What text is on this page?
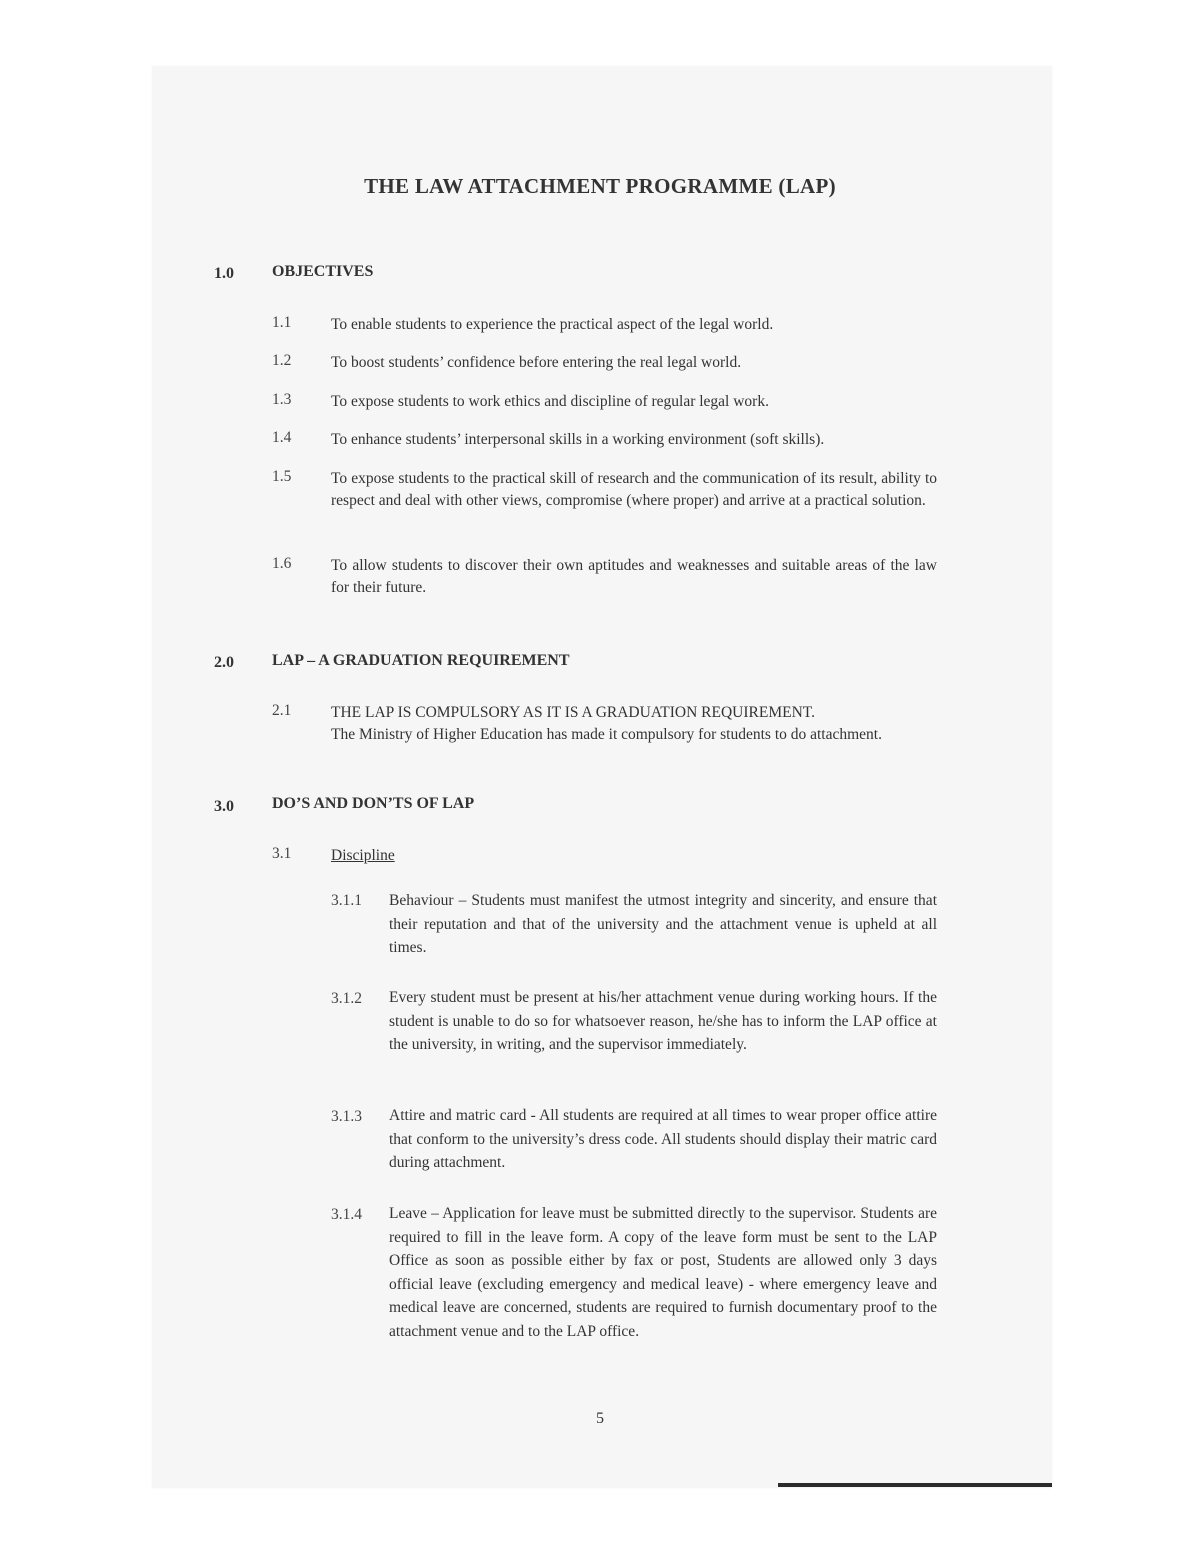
THE LAW ATTACHMENT PROGRAMME (LAP)
1.0 OBJECTIVES
1.1	To enable students to experience the practical aspect of the legal world.
1.2	To boost students’ confidence before entering the real legal world.
1.3	To expose students to work ethics and discipline of regular legal work.
1.4	To enhance students’ interpersonal skills in a working environment (soft skills).
1.5	To expose students to the practical skill of research and the communication of its result, ability to respect and deal with other views, compromise (where proper) and arrive at a practical solution.
1.6	To allow students to discover their own aptitudes and weaknesses and suitable areas of the law for their future.
2.0 LAP – A GRADUATION REQUIREMENT
2.1	THE LAP IS COMPULSORY AS IT IS A GRADUATION REQUIREMENT.
The Ministry of Higher Education has made it compulsory for students to do attachment.
3.0 DO’S AND DON’TS OF LAP
3.1	Discipline
3.1.1 Behaviour – Students must manifest the utmost integrity and sincerity, and ensure that their reputation and that of the university and the attachment venue is upheld at all times.
3.1.2 Every student must be present at his/her attachment venue during working hours. If the student is unable to do so for whatsoever reason, he/she has to inform the LAP office at the university, in writing, and the supervisor immediately.
3.1.3 Attire and matric card - All students are required at all times to wear proper office attire that conform to the university’s dress code. All students should display their matric card during attachment.
3.1.4 Leave – Application for leave must be submitted directly to the supervisor. Students are required to fill in the leave form. A copy of the leave form must be sent to the LAP Office as soon as possible either by fax or post, Students are allowed only 3 days official leave (excluding emergency and medical leave) - where emergency leave and medical leave are concerned, students are required to furnish documentary proof to the attachment venue and to the LAP office.
5
